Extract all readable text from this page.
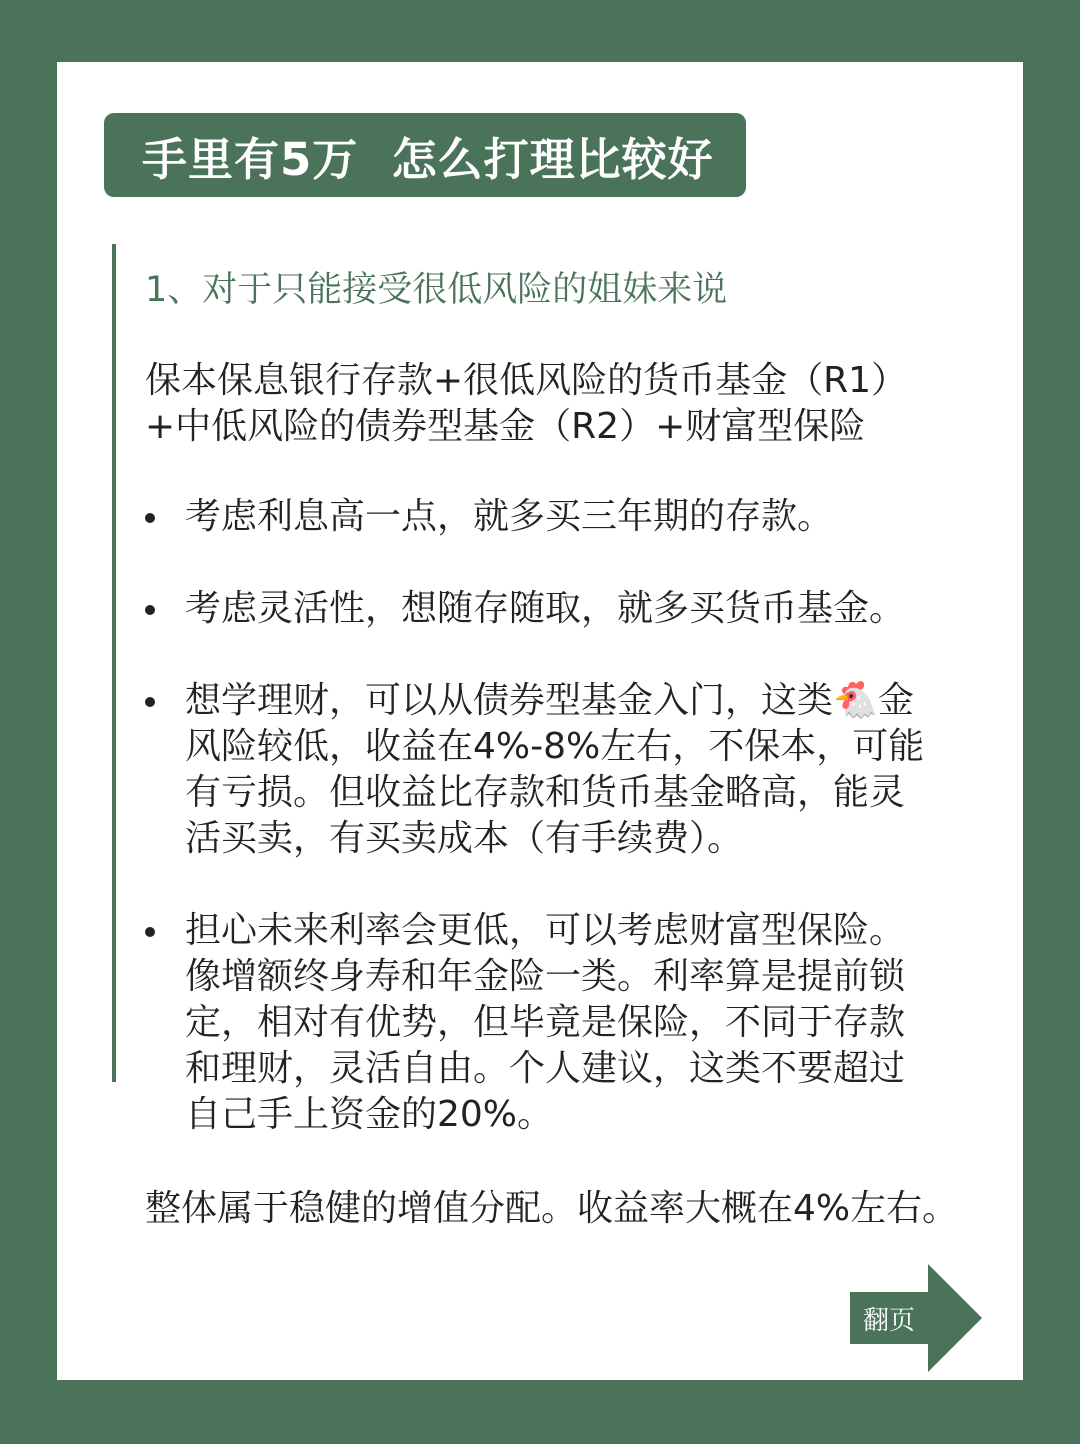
手里有5万  怎么打理比较好
1、对于只能接受很低风险的姐妹来说
保本保息银行存款+很低风险的货币基金（R1）
+中低风险的债券型基金（R2）+财富型保险
考虑利息高一点，就多买三年期的存款。
考虑灵活性，想随存随取，就多买货币基金。
想学理财，可以从债券型基金入门，这类🐔金
风险较低，收益在4%-8%左右，不保本，可能
有亏损。但收益比存款和货币基金略高，能灵
活买卖，有买卖成本（有手续费）。
担心未来利率会更低，可以考虑财富型保险。
像增额终身寿和年金险一类。利率算是提前锁
定，相对有优势，但毕竟是保险，不同于存款
和理财，灵活自由。个人建议，这类不要超过
自己手上资金的20%。
整体属于稳健的增值分配。收益率大概在4%左右。
翻页
